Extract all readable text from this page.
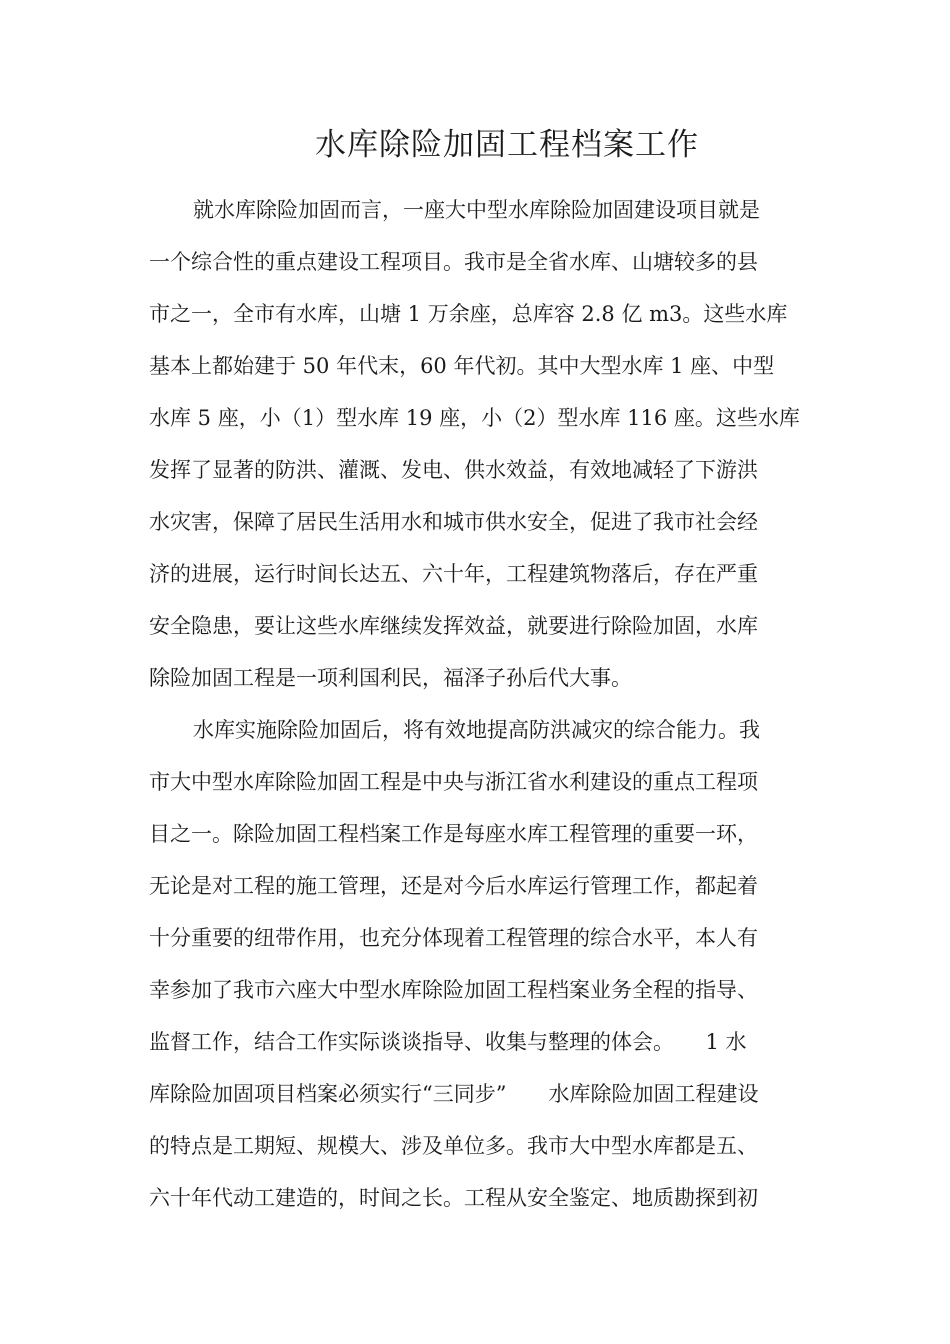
水库除险加固工程档案工作
就水库除险加固而言，一座大中型水库除险加固建设项目就是
一个综合性的重点建设工程项目。我市是全省水库、山塘较多的县
市之一，全市有水库，山塘 1 万余座，总库容 2.8 亿 m3。这些水库
基本上都始建于 50 年代末，60 年代初。其中大型水库 1 座、中型
水库 5 座，小（1）型水库 19 座，小（2）型水库 116 座。这些水库
发挥了显著的防洪、灌溉、发电、供水效益，有效地减轻了下游洪
水灾害，保障了居民生活用水和城市供水安全，促进了我市社会经
济的进展，运行时间长达五、六十年，工程建筑物落后，存在严重
安全隐患，要让这些水库继续发挥效益，就要进行除险加固，水库
除险加固工程是一项利国利民，福泽子孙后代大事。
水库实施除险加固后，将有效地提高防洪减灾的综合能力。我
市大中型水库除险加固工程是中央与浙江省水利建设的重点工程项
目之一。除险加固工程档案工作是每座水库工程管理的重要一环，
无论是对工程的施工管理，还是对今后水库运行管理工作，都起着
十分重要的纽带作用，也充分体现着工程管理的综合水平，本人有
幸参加了我市六座大中型水库除险加固工程档案业务全程的指导、
监督工作，结合工作实际谈谈指导、收集与整理的体会。　　1 水
库除险加固项目档案必须实行“三同步”　　水库除险加固工程建设
的特点是工期短、规模大、涉及单位多。我市大中型水库都是五、
六十年代动工建造的，时间之长。工程从安全鉴定、地质勘探到初
